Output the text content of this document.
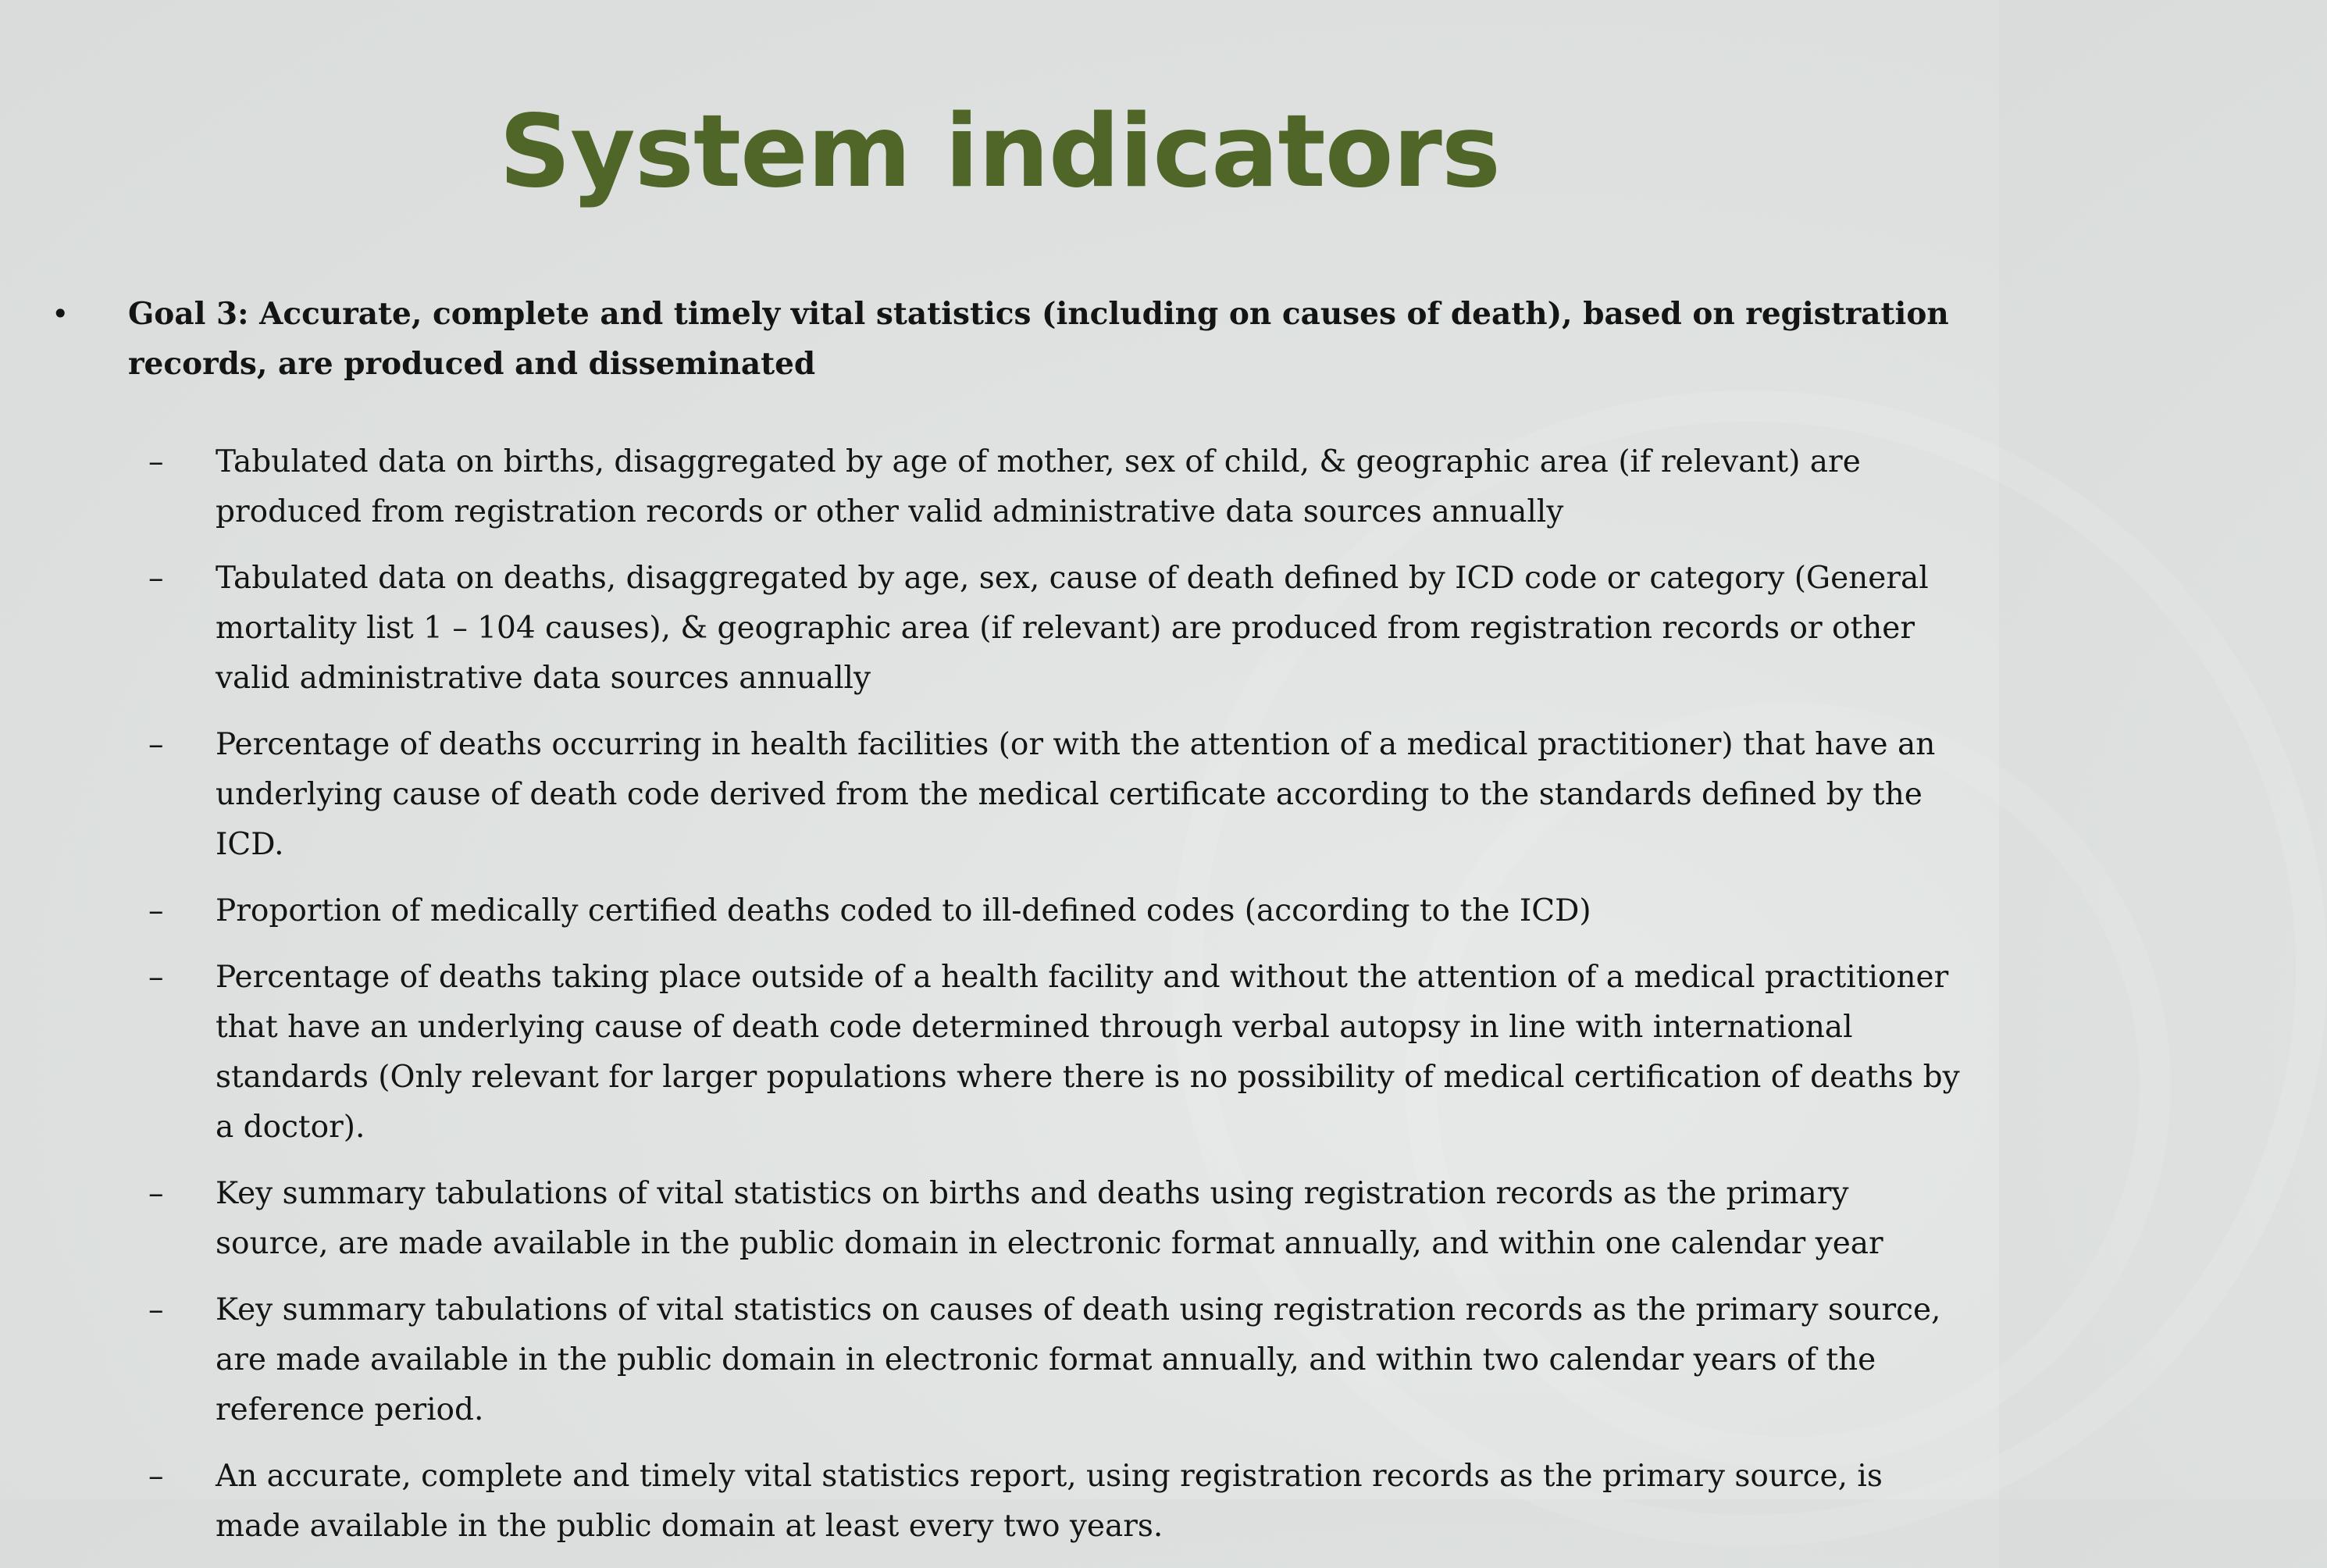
System indicators
• Goal 3: Accurate, complete and timely vital statistics (including on causes of death), based on registration records, are produced and disseminated
–	Tabulated data on births, disaggregated by age of mother, sex of child, & geographic area (if relevant) are produced from registration records or other valid administrative data sources annually
–	Tabulated data on deaths, disaggregated by age, sex, cause of death defined by ICD code or category (General mortality list 1 – 104 causes), & geographic area (if relevant) are produced from registration records or other valid administrative data sources annually
–	Percentage of deaths occurring in health facilities (or with the attention of a medical practitioner) that have an underlying cause of death code derived from the medical certificate according to the standards defined by the ICD.
–	Proportion of medically certified deaths coded to ill-defined codes (according to the ICD)
–	Percentage of deaths taking place outside of a health facility and without the attention of a medical practitioner that have an underlying cause of death code determined through verbal autopsy in line with international standards (Only relevant for larger populations where there is no possibility of medical certification of deaths by a doctor).
–	Key summary tabulations of vital statistics on births and deaths using registration records as the primary source, are made available in the public domain in electronic format annually, and within one calendar year
–	Key summary tabulations of vital statistics on causes of death using registration records as the primary source, are made available in the public domain in electronic format annually, and within two calendar years of the reference period.
–	An accurate, complete and timely vital statistics report, using registration records as the primary source, is made available in the public domain at least every two years.
